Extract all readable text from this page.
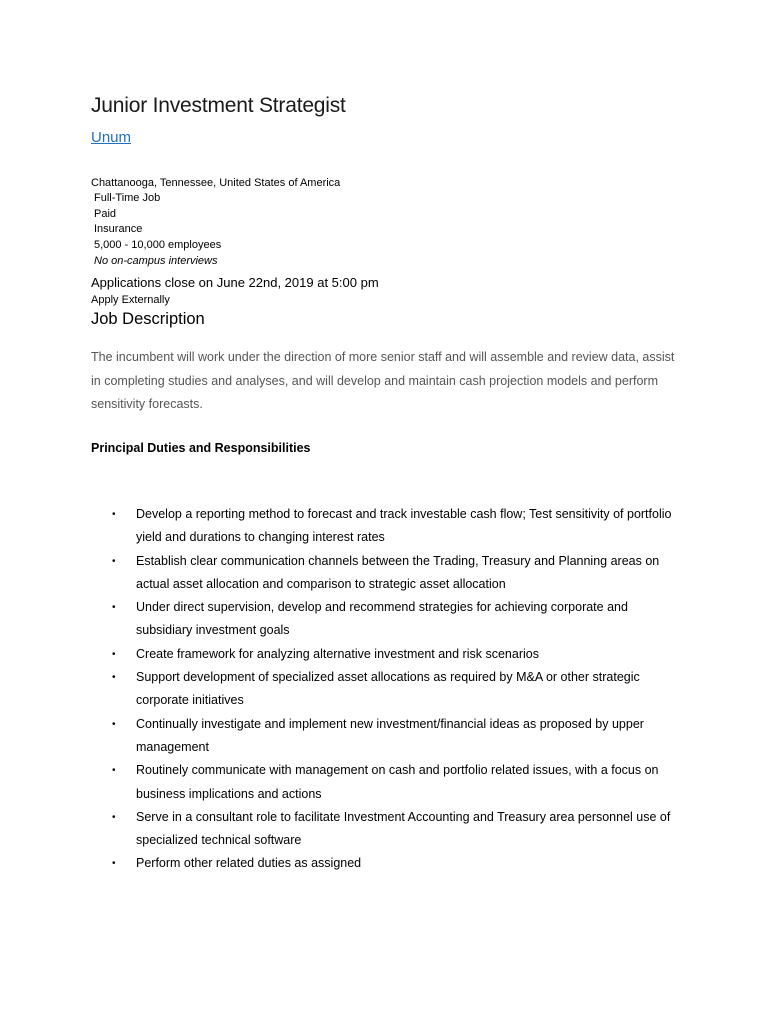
Junior Investment Strategist
Unum
Chattanooga, Tennessee, United States of America
Full-Time Job
Paid
Insurance
5,000 - 10,000 employees
No on-campus interviews
Applications close on June 22nd, 2019 at 5:00 pm
Apply Externally
Job Description

The incumbent will work under the direction of more senior staff and will assemble and review data, assist in completing studies and analyses, and will develop and maintain cash projection models and perform sensitivity forecasts.

Principal Duties and Responsibilities
• Develop a reporting method to forecast and track investable cash flow; Test sensitivity of portfolio yield and durations to changing interest rates
• Establish clear communication channels between the Trading, Treasury and Planning areas on actual asset allocation and comparison to strategic asset allocation
• Under direct supervision, develop and recommend strategies for achieving corporate and subsidiary investment goals
• Create framework for analyzing alternative investment and risk scenarios
• Support development of specialized asset allocations as required by M&A or other strategic corporate initiatives
• Continually investigate and implement new investment/financial ideas as proposed by upper management
• Routinely communicate with management on cash and portfolio related issues, with a focus on business implications and actions
• Serve in a consultant role to facilitate Investment Accounting and Treasury area personnel use of specialized technical software
• Perform other related duties as assigned
